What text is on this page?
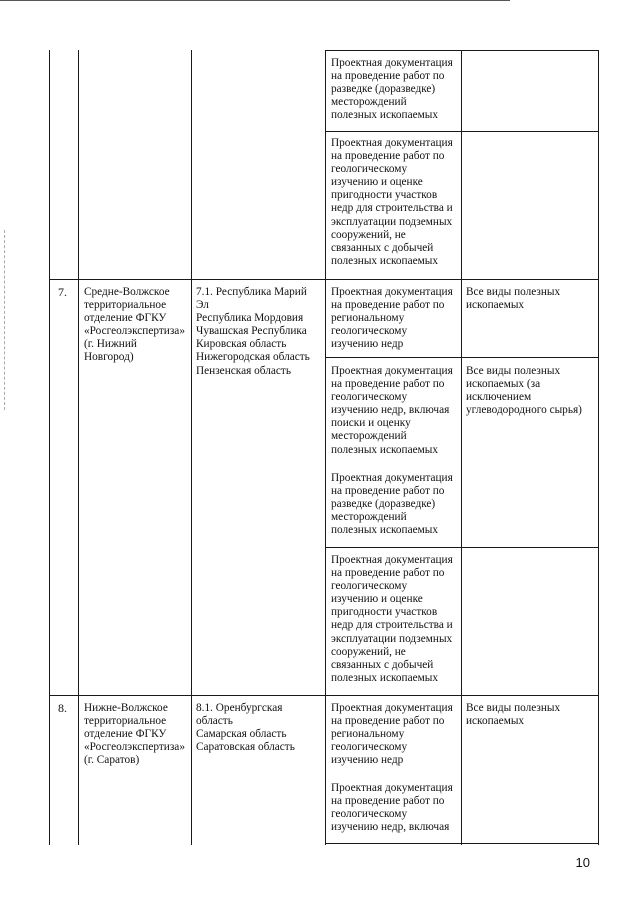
Проектная документация
на проведение работ по
разведке (доразведке)
месторождений
полезных ископаемых

Проектная документация
на проведение работ по
геологическому
изучению и оценке
пригодности участков
недр для строительства и
эксплуатации подземных
сооружений, не
связанных с добычей
полезных ископаемых

7. Средне-Волжское
территориальное
отделение ФГКУ
«Росгеолэкспертиза»
(г. Нижний
Новгород)

7.1. Республика Марий
Эл
Республика Мордовия
Чувашская Республика
Кировская область
Нижегородская область
Пензенская область

Проектная документация
на проведение работ по
региональному
геологическому
изучению недр

Все виды полезных
ископаемых

Проектная документация
на проведение работ по
геологическому
изучению недр, включая
поиски и оценку
месторождений
полезных ископаемых

Все виды полезных
ископаемых (за
исключением
углеводородного сырья)

Проектная документация
на проведение работ по
разведке (доразведке)
месторождений
полезных ископаемых

Проектная документация
на проведение работ по
геологическому
изучению и оценке
пригодности участков
недр для строительства и
эксплуатации подземных
сооружений, не
связанных с добычей
полезных ископаемых

8. Нижне-Волжское
территориальное
отделение ФГКУ
«Росгеолэкспертиза»
(г. Саратов)

8.1. Оренбургская
область
Самарская область
Саратовская область

Проектная документация
на проведение работ по
региональному
геологическому
изучению недр

Все виды полезных
ископаемых

Проектная документация
на проведение работ по
геологическому
изучению недр, включая

10
